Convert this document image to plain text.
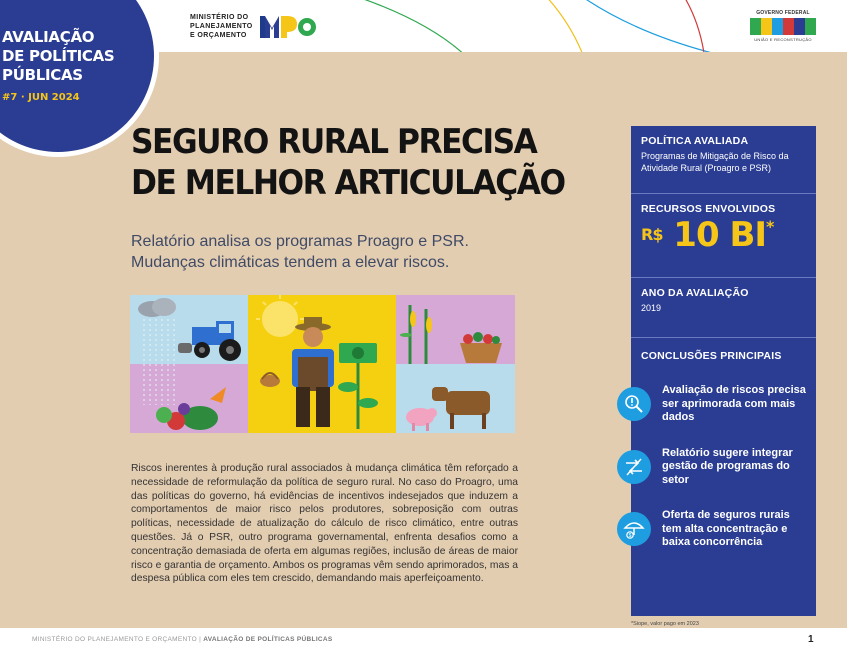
MINISTÉRIO DO
PLANEJAMENTO
E ORÇAMENTO
GOVERNO FEDERAL
UNIÃO E RECONSTRUÇÃO
AVALIAÇÃO
DE POLÍTICAS
PÚBLICAS
#7 · JUN 2024
SEGURO RURAL PRECISA
DE MELHOR ARTICULAÇÃO
Relatório analisa os programas Proagro e PSR.
Mudanças climáticas tendem a elevar riscos.
Riscos inerentes à produção rural associados à mudança climática têm reforçado a necessidade de reformulação da política de seguro rural. No caso do Proagro, uma das políticas do governo, há evidências de incentivos indesejados que induzem a comportamentos de maior risco pelos produtores, sobreposição com outras políticas, necessidade de atualização do cálculo de risco climático, entre outras questões. Já o PSR, outro programa governamental, enfrenta desafios como a concentração demasiada de oferta em algumas regiões, inclusão de áreas de maior risco e garantia de orçamento. Ambos os programas vêm sendo aprimorados, mas a despesa pública com eles tem crescido, demandando mais aperfeiçoamento.
POLÍTICA AVALIADA
Programas de Mitigação de Risco da Atividade Rural (Proagro e PSR)
RECURSOS ENVOLVIDOS
$^{R\$}$ 10 BI*
ANO DA AVALIAÇÃO
2019
CONCLUSÕES PRINCIPAIS
Avaliação de riscos precisa ser aprimorada com mais dados
Relatório sugere integrar gestão de programas do setor
$
Oferta de seguros rurais tem alta concentração e baixa concorrência
*Siope, valor pago em 2023
MINISTÉRIO DO PLANEJAMENTO E ORÇAMENTO | AVALIAÇÃO DE POLÍTICAS PÚBLICAS	1
